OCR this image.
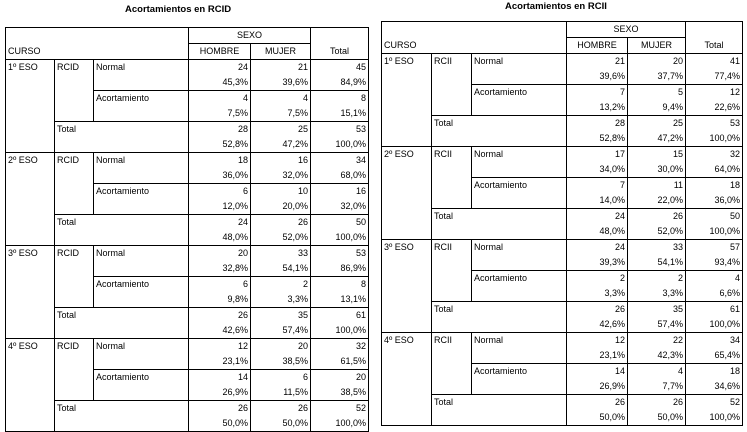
Acortamientos en RCID
			SEXO		
CURSO			HOMBRE	MUJER	Total
1º ESO	RCID	Normal	24	21	45
			45,3%	39,6%	84,9%
		Acortamiento	4	4	8
			7,5%	7,5%	15,1%
	Total		28	25	53
			52,8%	47,2%	100,0%
2º ESO	RCID	Normal	18	16	34
			36,0%	32,0%	68,0%
		Acortamiento	6	10	16
			12,0%	20,0%	32,0%
	Total		24	26	50
			48,0%	52,0%	100,0%
3º ESO	RCID	Normal	20	33	53
			32,8%	54,1%	86,9%
		Acortamiento	6	2	8
			9,8%	3,3%	13,1%
	Total		26	35	61
			42,6%	57,4%	100,0%
4º ESO	RCID	Normal	12	20	32
			23,1%	38,5%	61,5%
		Acortamiento	14	6	20
			26,9%	11,5%	38,5%
	Total		26	26	52
			50,0%	50,0%	100,0%
Acortamientos en RCII
			SEXO		
CURSO			HOMBRE	MUJER	Total
1º ESO	RCII	Normal	21	20	41
			39,6%	37,7%	77,4%
		Acortamiento	7	5	12
			13,2%	9,4%	22,6%
	Total		28	25	53
			52,8%	47,2%	100,0%
2º ESO	RCII	Normal	17	15	32
			34,0%	30,0%	64,0%
		Acortamiento	7	11	18
			14,0%	22,0%	36,0%
	Total		24	26	50
			48,0%	52,0%	100,0%
3º ESO	RCII	Normal	24	33	57
			39,3%	54,1%	93,4%
		Acortamiento	2	2	4
			3,3%	3,3%	6,6%
	Total		26	35	61
			42,6%	57,4%	100,0%
4º ESO	RCII	Normal	12	22	34
			23,1%	42,3%	65,4%
		Acortamiento	14	4	18
			26,9%	7,7%	34,6%
	Total		26	26	52
			50,0%	50,0%	100,0%
